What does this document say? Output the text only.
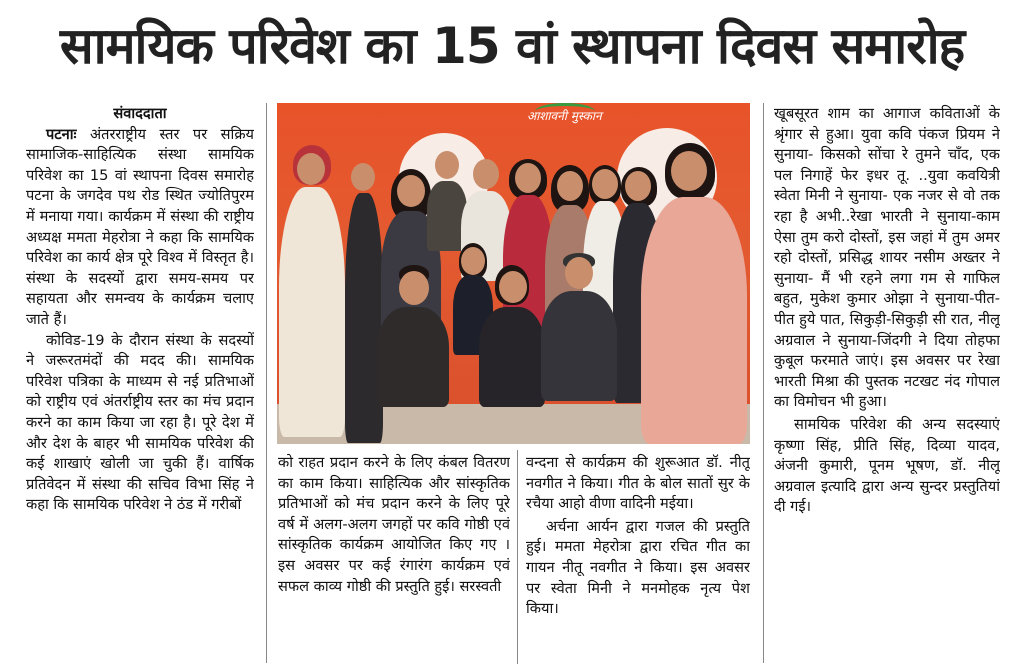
सामयिक परिवेश का 15 वां स्थापना दिवस समारोह
संवाददाता

पटनाः अंतरराष्ट्रीय स्तर पर सक्रिय सामाजिक-साहित्यिक संस्था सामयिक परिवेश का 15 वां स्थापना दिवस समारोह पटना के जगदेव पथ रोड स्थित ज्योतिपुरम में मनाया गया। कार्यक्रम में संस्था की राष्ट्रीय अध्यक्ष ममता मेहरोत्रा ने कहा कि सामयिक परिवेश का कार्य क्षेत्र पूरे विश्व में विस्तृत है। संस्था के सदस्यों द्वारा समय-समय पर सहायता और समन्वय के कार्यक्रम चलाए जाते हैं।

कोविड-19 के दौरान संस्था के सदस्यों ने जरूरतमंदों की मदद की। सामयिक परिवेश पत्रिका के माध्यम से नई प्रतिभाओं को राष्ट्रीय एवं अंतर्राष्ट्रीय स्तर का मंच प्रदान करने का काम किया जा रहा है। पूरे देश में और देश के बाहर भी सामयिक परिवेश की कई शाखाएं खोली जा चुकी हैं। वार्षिक प्रतिवेदन में संस्था की सचिव विभा सिंह ने कहा कि सामयिक परिवेश ने ठंड में गरीबों

आशावनी मुस्कान

को राहत प्रदान करने के लिए कंबल वितरण का काम किया। साहित्यिक और सांस्कृतिक प्रतिभाओं को मंच प्रदान करने के लिए पूरे वर्ष में अलग-अलग जगहों पर कवि गोष्ठी एवं सांस्कृतिक कार्यक्रम आयोजित किए गए । इस अवसर पर कई रंगारंग कार्यक्रम एवं सफल काव्य गोष्ठी की प्रस्तुति हुई। सरस्वती

वन्दना से कार्यक्रम की शुरूआत डॉ. नीतू नवगीत ने किया। गीत के बोल सातों सुर के रचैया आहो वीणा वादिनी मईया।

अर्चना आर्यन द्वारा गजल की प्रस्तुति हुई। ममता मेहरोत्रा द्वारा रचित गीत का गायन नीतू नवगीत ने किया। इस अवसर पर स्वेता मिनी ने मनमोहक नृत्य पेश किया।

खूबसूरत शाम का आगाज कविताओं के श्रृंगार से हुआ। युवा कवि पंकज प्रियम ने सुनाया- किसको सोंचा रे तुमने चाँद, एक पल निगाहें फेर इधर तू. ..युवा कवयित्री स्वेता मिनी ने सुनाया- एक नजर से वो तक रहा है अभी..रेखा भारती ने सुनाया-काम ऐसा तुम करो दोस्तों, इस जहां में तुम अमर रहो दोस्तों, प्रसिद्ध शायर नसीम अख्तर ने सुनाया- मैं भी रहने लगा गम से गाफिल बहुत, मुकेश कुमार ओझा ने सुनाया-पीत-पीत हुये पात, सिकुड़ी-सिकुड़ी सी रात, नीलू अग्रवाल ने सुनाया-जिंदगी ने दिया तोहफा कुबूल फरमाते जाएं। इस अवसर पर रेखा भारती मिश्रा की पुस्तक नटखट नंद गोपाल का विमोचन भी हुआ।

सामयिक परिवेश की अन्य सदस्याएं कृष्णा सिंह, प्रीति सिंह, दिव्या यादव, अंजनी कुमारी, पूनम भूषण, डॉ. नीलू अग्रवाल इत्यादि द्वारा अन्य सुन्दर प्रस्तुतियां दी गई।
